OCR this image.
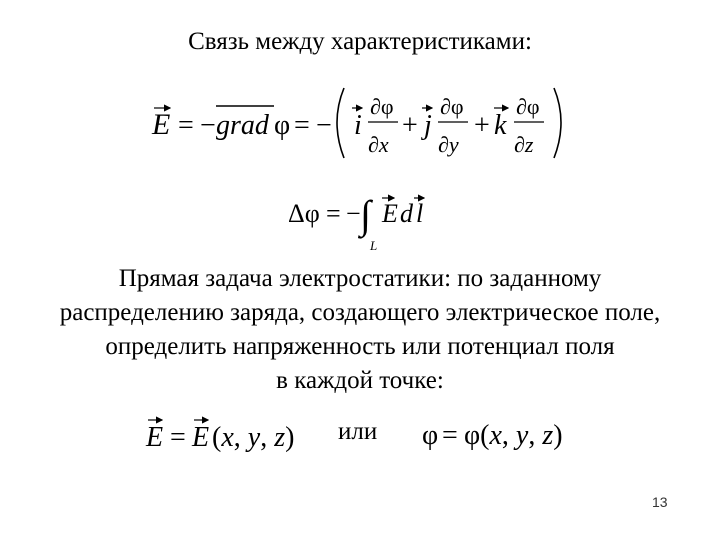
Связь между характеристиками:
E = − grad φ = − i
∂φ
∂x
+ j
∂φ
∂y
+ k
∂φ
∂z
Δφ = − ∫
L
E d l
Прямая задача электростатики: по заданному
распределению заряда, создающего электрическое поле,
определить напряженность или потенциал поля
в каждой точке:
E = E (x, y, z) или φ = φ(x, y, z)
13
